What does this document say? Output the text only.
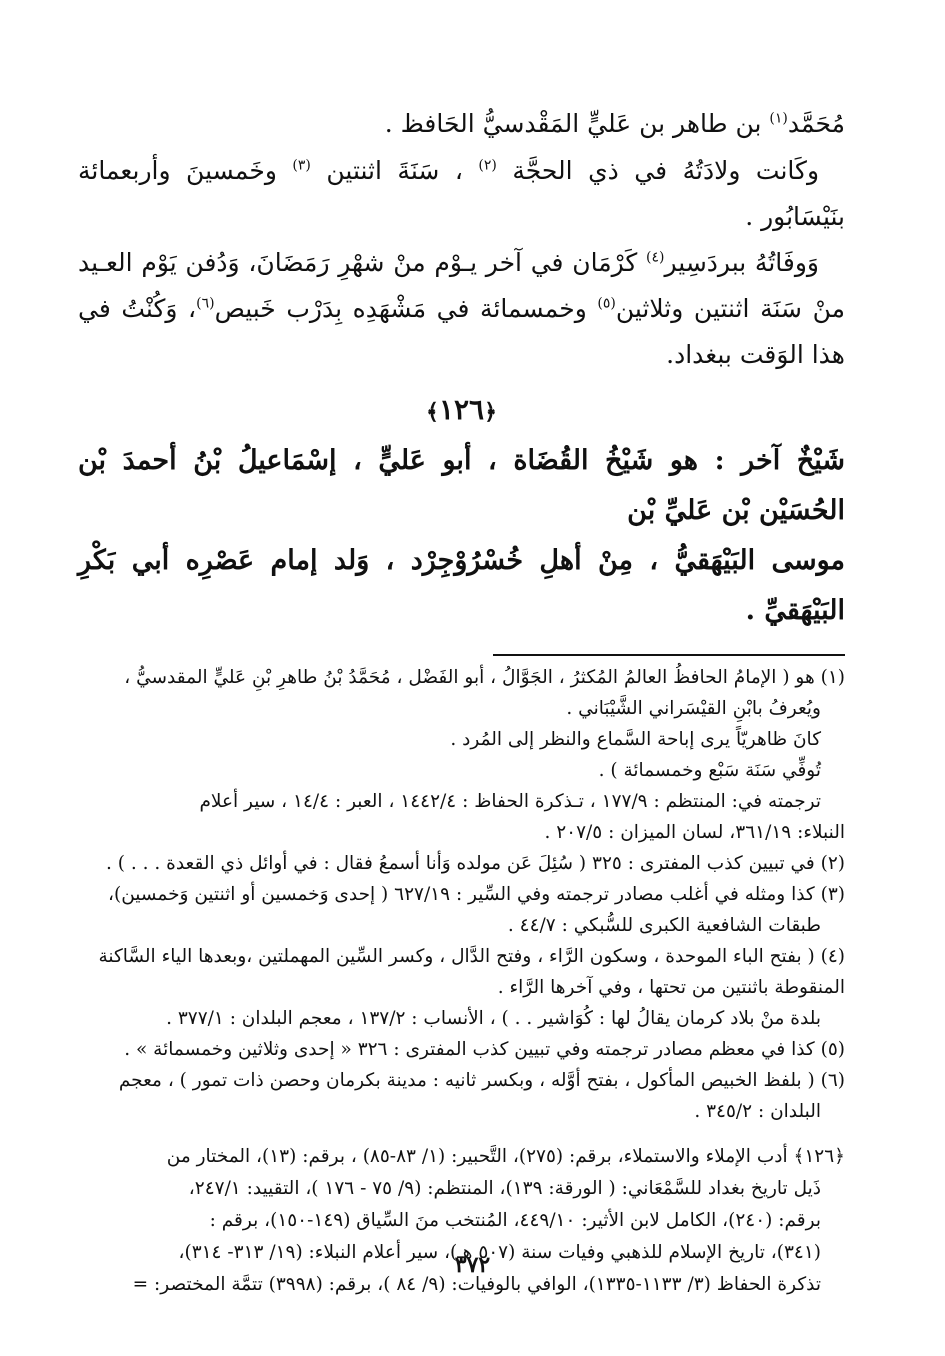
مُحَمَّد$^{(١)}$ بن طاهر بن عَليٍّ المَقْدسيُّ الحَافظ .

وكَانت ولادَتُهُ في ذي الحجَّة $^{(٢)}$ ، سَنَةَ اثنتين $^{(٣)}$ وخَمسينَ وأربعمائة بنَيْسَابُور .

وَوفَاتُهُ ببردَسِير$^{(٤)}$ كَرْمَان في آخر يـوْم منْ شهْرِ رَمَضَانَ، وَدُفن يَوْم العـيد منْ سَنَة اثنتين وثلاثين$^{(٥)}$ وخمسمائة في مَشْهَدِه بِدَرْب خَبيص$^{(٦)}$، وَكُنْتُ في هذا الوَقت ببغداد.

﴿١٢٦﴾

شَيْخٌ آخر : هو شَيْخُ القُضَاة ، أبو عَليٍّ ، إسْمَاعيلُ بْنُ أحمدَ بْن الحُسَيْن بْن عَليِّ بْن

موسى البَيْهَقيُّ ، مِنْ أهلِ خُسْرُوْجِرْد ، وَلد إمام عَصْرِه أبي بَكْرِ البَيْهَقيِّ .

(١) هو ( الإمامُ الحافظُ العالمُ المُكثرُ ، الجَوَّالُ ، أبو الفَضْل ، مُحَمَّدُ بْنُ طاهرِ بْنِ عَليٍّ المقدسيُّ ،

ويُعرفُ بابْنِ القيْسَراني الشَّيْبَاني .

كانَ ظاهريّاً يرى إباحة السَّماع والنظر إلى المُرد .

تُوفِّي سَنَة سَبْع وخمسمائة ) .

ترجمته في: المنتظم : ١٧٧/٩ ، تـذكرة الحفاظ : ١٤٤٢/٤ ، العبر : ١٤/٤ ، سير أعلام

النبلاء: ٣٦١/١٩، لسان الميزان : ٢٠٧/٥ .

(٢) في تبيين كذب المفترى : ٣٢٥ ( سُئِلَ عَن مولده وَأنا أسمعُ فقال : في أوائل ذي القعدة . . . ) .

(٣) كذا ومثله في أغلب مصادر ترجمته وفي السِّير : ٦٢٧/١٩ ( إحدى وَخمسين أو اثنتين وَخمسين)،

طبقات الشافعية الكبرى للسُّبكي : ٤٤/٧ .

(٤) ( بفتح الباء الموحدة ، وسكون الرَّاء ، وفتح الدَّال ، وكسر السِّين المهملتين ،وبعدها الياء السَّاكنة

المنقوطة باثنتين من تحتها ، وفي آخرها الرَّاء .

بلدة منْ بلاد كرمان يقالُ لها : كُوَاشير . . ) ، الأنساب : ١٣٧/٢ ، معجم البلدان : ٣٧٧/١ .

(٥) كذا في معظم مصادر ترجمته وفي تبيين كذب المفترى : ٣٢٦ « إحدى وثلاثين وخمسمائة » .

(٦) ( بلفظ الخبيص المأكول ، بفتح أوَّله ، وبكسر ثانيه : مدينة بكرمان وحصن ذات تمور ) ، معجم

البلدان : ٣٤٥/٢ .

﴿١٢٦﴾ أدب الإملاء والاستملاء، برقم: (٢٧٥)، التَّحبير: (١/ ٨٣-٨٥) ، برقم: (١٣)، المختار من

ذَيل تاريخ بغداد للسَّمْعَاني: ( الورقة: ١٣٩)، المنتظم: (٩/ ٧٥ - ١٧٦ )، التقييد: ٢٤٧/١،

برقم: (٢٤٠)، الكامل لابن الأثير: ٤٤٩/١٠، المُنتخب منَ السِّياق (١٤٩-١٥٠)، برقم :

(٣٤١)، تاريخ الإسلام للذهبي وفيات سنة (٥٠٧ هـ)، سير أعلام النبلاء: (١٩/ ٣١٣- ٣١٤)،

تذكرة الحفاظ (٣/ ١١٣٣-١٣٣٥)، الوافي بالوفيات: (٩/ ٨٤ )، برقم: (٣٩٩٨) تتمَّة المختصر: =

٣٧٢
